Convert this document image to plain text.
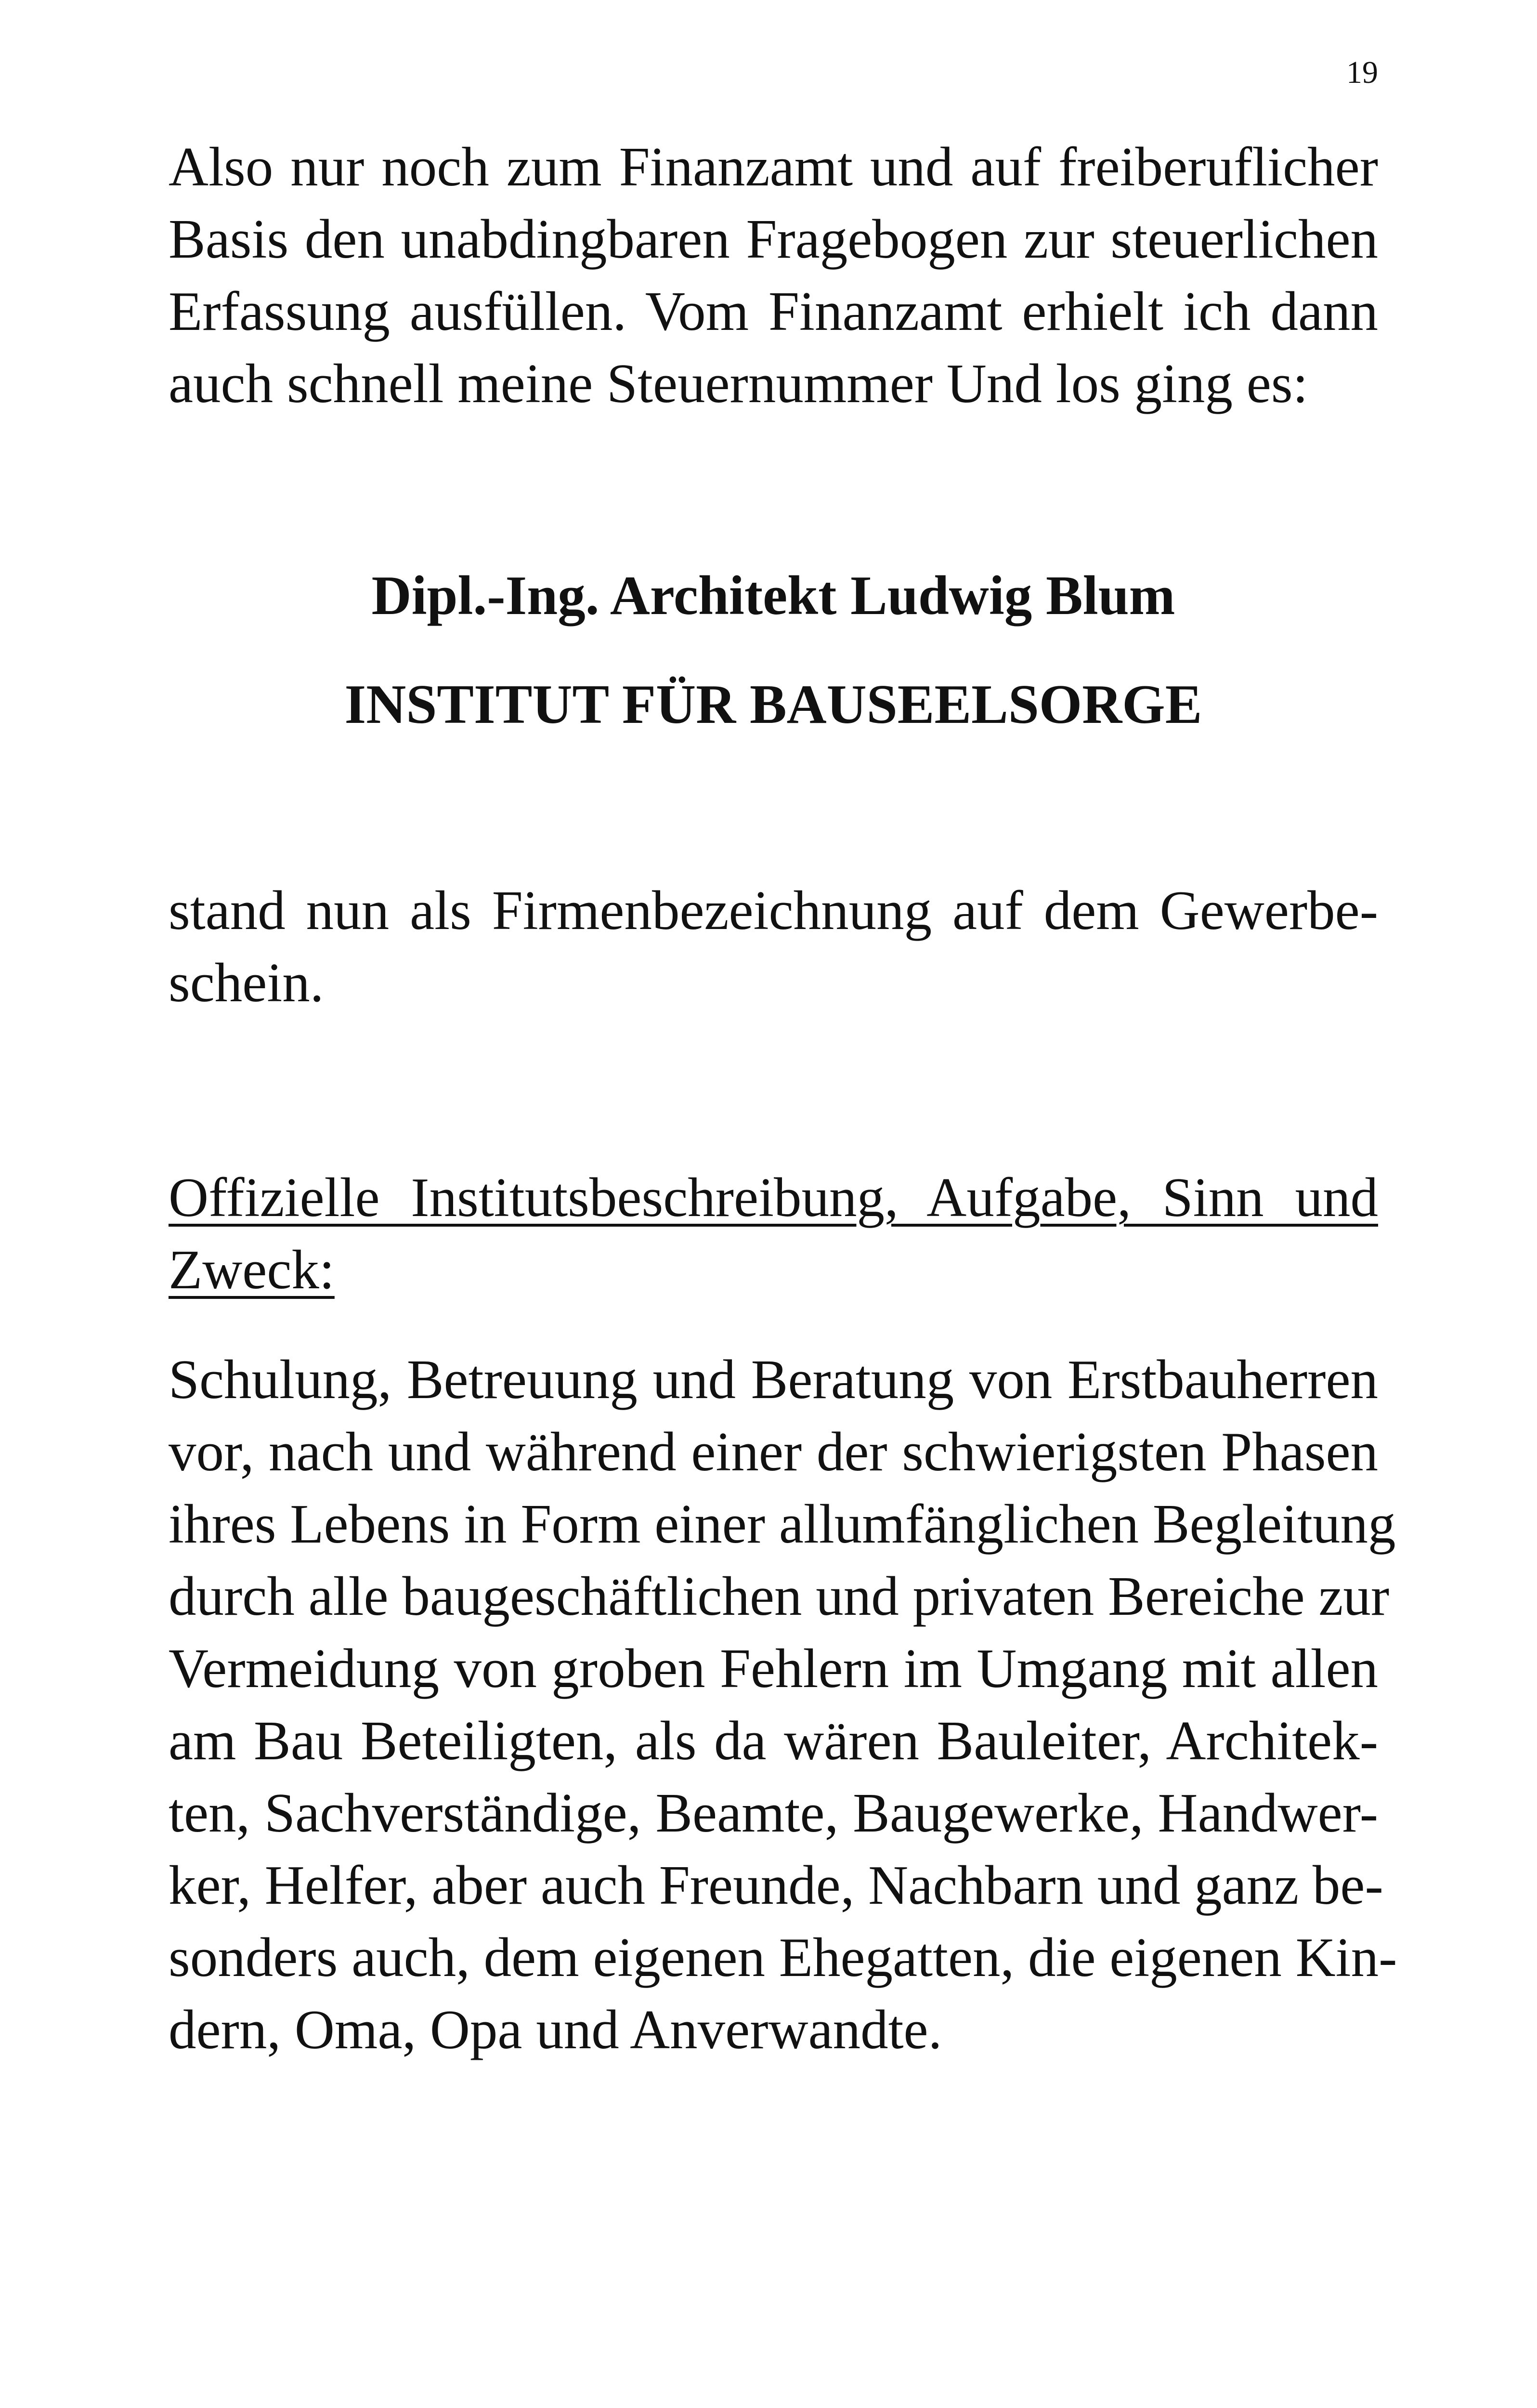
19
Also nur noch zum Finanzamt und auf freiberuflicher
Basis den unabdingbaren Fragebogen zur steuerlichen
Erfassung ausfüllen. Vom Finanzamt erhielt ich dann
auch schnell meine Steuernummer Und los ging es:
Dipl.-Ing. Architekt Ludwig Blum
INSTITUT FÜR BAUSEELSORGE
stand nun als Firmenbezeichnung auf dem Gewerbe-
schein.
Offizielle Institutsbeschreibung, Aufgabe, Sinn und
Zweck:
Schulung, Betreuung und Beratung von Erstbauherren
vor, nach und während einer der schwierigsten Phasen
ihres Lebens in Form einer allumfänglichen Begleitung
durch alle baugeschäftlichen und privaten Bereiche zur
Vermeidung von groben Fehlern im Umgang mit allen
am Bau Beteiligten, als da wären Bauleiter, Architek-
ten, Sachverständige, Beamte, Baugewerke, Handwer-
ker, Helfer, aber auch Freunde, Nachbarn und ganz be-
sonders auch, dem eigenen Ehegatten, die eigenen Kin-
dern, Oma, Opa und Anverwandte.
